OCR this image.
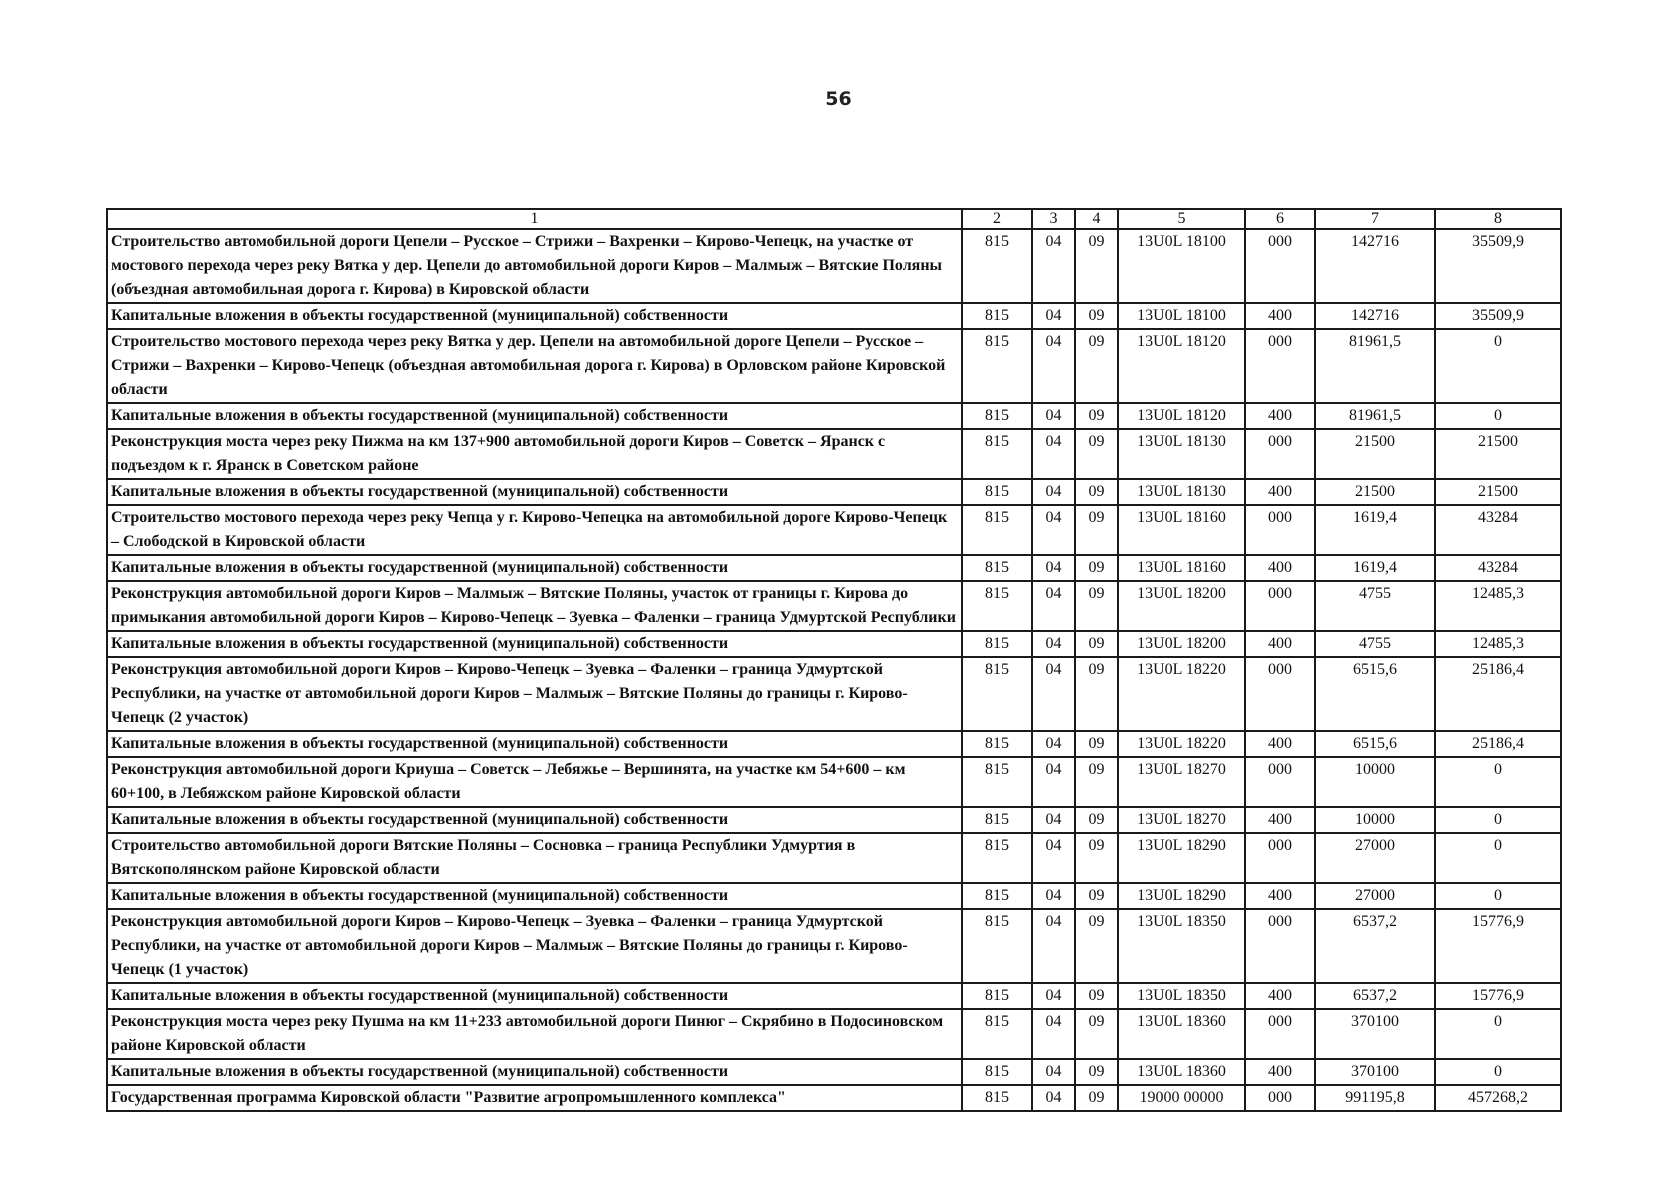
56
1	2	3	4	5	6	7	8
Строительство автомобильной дороги Цепели – Русское – Стрижи – Вахренки – Кирово-Чепецк, на участке от мостового перехода через реку Вятка у дер. Цепели до автомобильной дороги Киров – Малмыж – Вятские Поляны (объездная автомобильная дорога г. Кирова) в Кировской области	815	04	09	13U0L 18100	000	142716	35509,9
Капитальные вложения в объекты государственной (муниципальной) собственности	815	04	09	13U0L 18100	400	142716	35509,9
Строительство мостового перехода через реку Вятка у дер. Цепели на автомобильной дороге Цепели – Русское – Стрижи – Вахренки – Кирово-Чепецк (объездная автомобильная дорога г. Кирова) в Орловском районе Кировской области	815	04	09	13U0L 18120	000	81961,5	0
Капитальные вложения в объекты государственной (муниципальной) собственности	815	04	09	13U0L 18120	400	81961,5	0
Реконструкция моста через реку Пижма на км 137+900 автомобильной дороги Киров – Советск – Яранск с подъездом к г. Яранск в Советском районе	815	04	09	13U0L 18130	000	21500	21500
Капитальные вложения в объекты государственной (муниципальной) собственности	815	04	09	13U0L 18130	400	21500	21500
Строительство мостового перехода через реку Чепца у г. Кирово-Чепецка на автомобильной дороге Кирово-Чепецк – Слободской в Кировской области	815	04	09	13U0L 18160	000	1619,4	43284
Капитальные вложения в объекты государственной (муниципальной) собственности	815	04	09	13U0L 18160	400	1619,4	43284
Реконструкция автомобильной дороги Киров – Малмыж – Вятские Поляны, участок от границы г. Кирова до примыкания автомобильной дороги Киров – Кирово-Чепецк – Зуевка – Фаленки – граница Удмуртской Республики	815	04	09	13U0L 18200	000	4755	12485,3
Капитальные вложения в объекты государственной (муниципальной) собственности	815	04	09	13U0L 18200	400	4755	12485,3
Реконструкция автомобильной дороги Киров – Кирово-Чепецк – Зуевка – Фаленки – граница Удмуртской Республики, на участке от автомобильной дороги Киров – Малмыж – Вятские Поляны до границы г. Кирово-Чепецк (2 участок)	815	04	09	13U0L 18220	000	6515,6	25186,4
Капитальные вложения в объекты государственной (муниципальной) собственности	815	04	09	13U0L 18220	400	6515,6	25186,4
Реконструкция автомобильной дороги Криуша – Советск – Лебяжье – Вершинята, на участке км 54+600 – км 60+100, в Лебяжском районе Кировской области	815	04	09	13U0L 18270	000	10000	0
Капитальные вложения в объекты государственной (муниципальной) собственности	815	04	09	13U0L 18270	400	10000	0
Строительство автомобильной дороги Вятские Поляны – Сосновка – граница Республики Удмуртия в Вятскополянском районе Кировской области	815	04	09	13U0L 18290	000	27000	0
Капитальные вложения в объекты государственной (муниципальной) собственности	815	04	09	13U0L 18290	400	27000	0
Реконструкция автомобильной дороги Киров – Кирово-Чепецк – Зуевка – Фаленки – граница Удмуртской Республики, на участке от автомобильной дороги Киров – Малмыж – Вятские Поляны до границы г. Кирово-Чепецк (1 участок)	815	04	09	13U0L 18350	000	6537,2	15776,9
Капитальные вложения в объекты государственной (муниципальной) собственности	815	04	09	13U0L 18350	400	6537,2	15776,9
Реконструкция моста через реку Пушма на км 11+233 автомобильной дороги Пинюг – Скрябино в Подосиновском районе Кировской области	815	04	09	13U0L 18360	000	370100	0
Капитальные вложения в объекты государственной (муниципальной) собственности	815	04	09	13U0L 18360	400	370100	0
Государственная программа Кировской области "Развитие агропромышленного комплекса"	815	04	09	19000 00000	000	991195,8	457268,2
